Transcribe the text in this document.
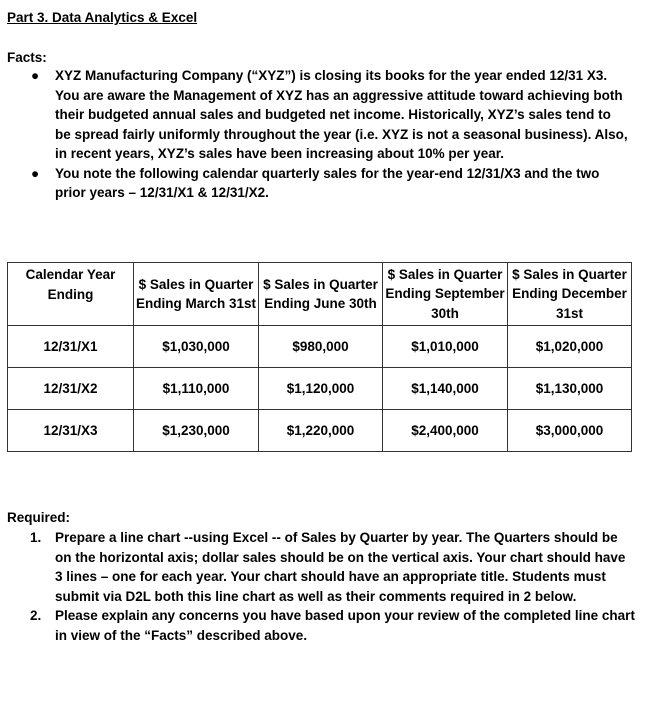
Part 3. Data Analytics & Excel
Facts:
● XYZ Manufacturing Company (“XYZ”) is closing its books for the year ended 12/31 X3. You are aware the Management of XYZ has an aggressive attitude toward achieving both their budgeted annual sales and budgeted net income. Historically, XYZ’s sales tend to be spread fairly uniformly throughout the year (i.e. XYZ is not a seasonal business). Also, in recent years, XYZ’s sales have been increasing about 10% per year.
● You note the following calendar quarterly sales for the year-end 12/31/X3 and the two prior years – 12/31/X1 & 12/31/X2.
Calendar Year Ending	$ Sales in Quarter Ending March 31st	$ Sales in Quarter Ending June 30th	$ Sales in Quarter Ending September 30th	$ Sales in Quarter Ending December 31st
12/31/X1	$1,030,000	$980,000	$1,010,000	$1,020,000
12/31/X2	$1,110,000	$1,120,000	$1,140,000	$1,130,000
12/31/X3	$1,230,000	$1,220,000	$2,400,000	$3,000,000
Required:
1. Prepare a line chart --using Excel -- of Sales by Quarter by year. The Quarters should be on the horizontal axis; dollar sales should be on the vertical axis. Your chart should have 3 lines – one for each year. Your chart should have an appropriate title. Students must submit via D2L both this line chart as well as their comments required in 2 below.
2. Please explain any concerns you have based upon your review of the completed line chart in view of the “Facts” described above.
